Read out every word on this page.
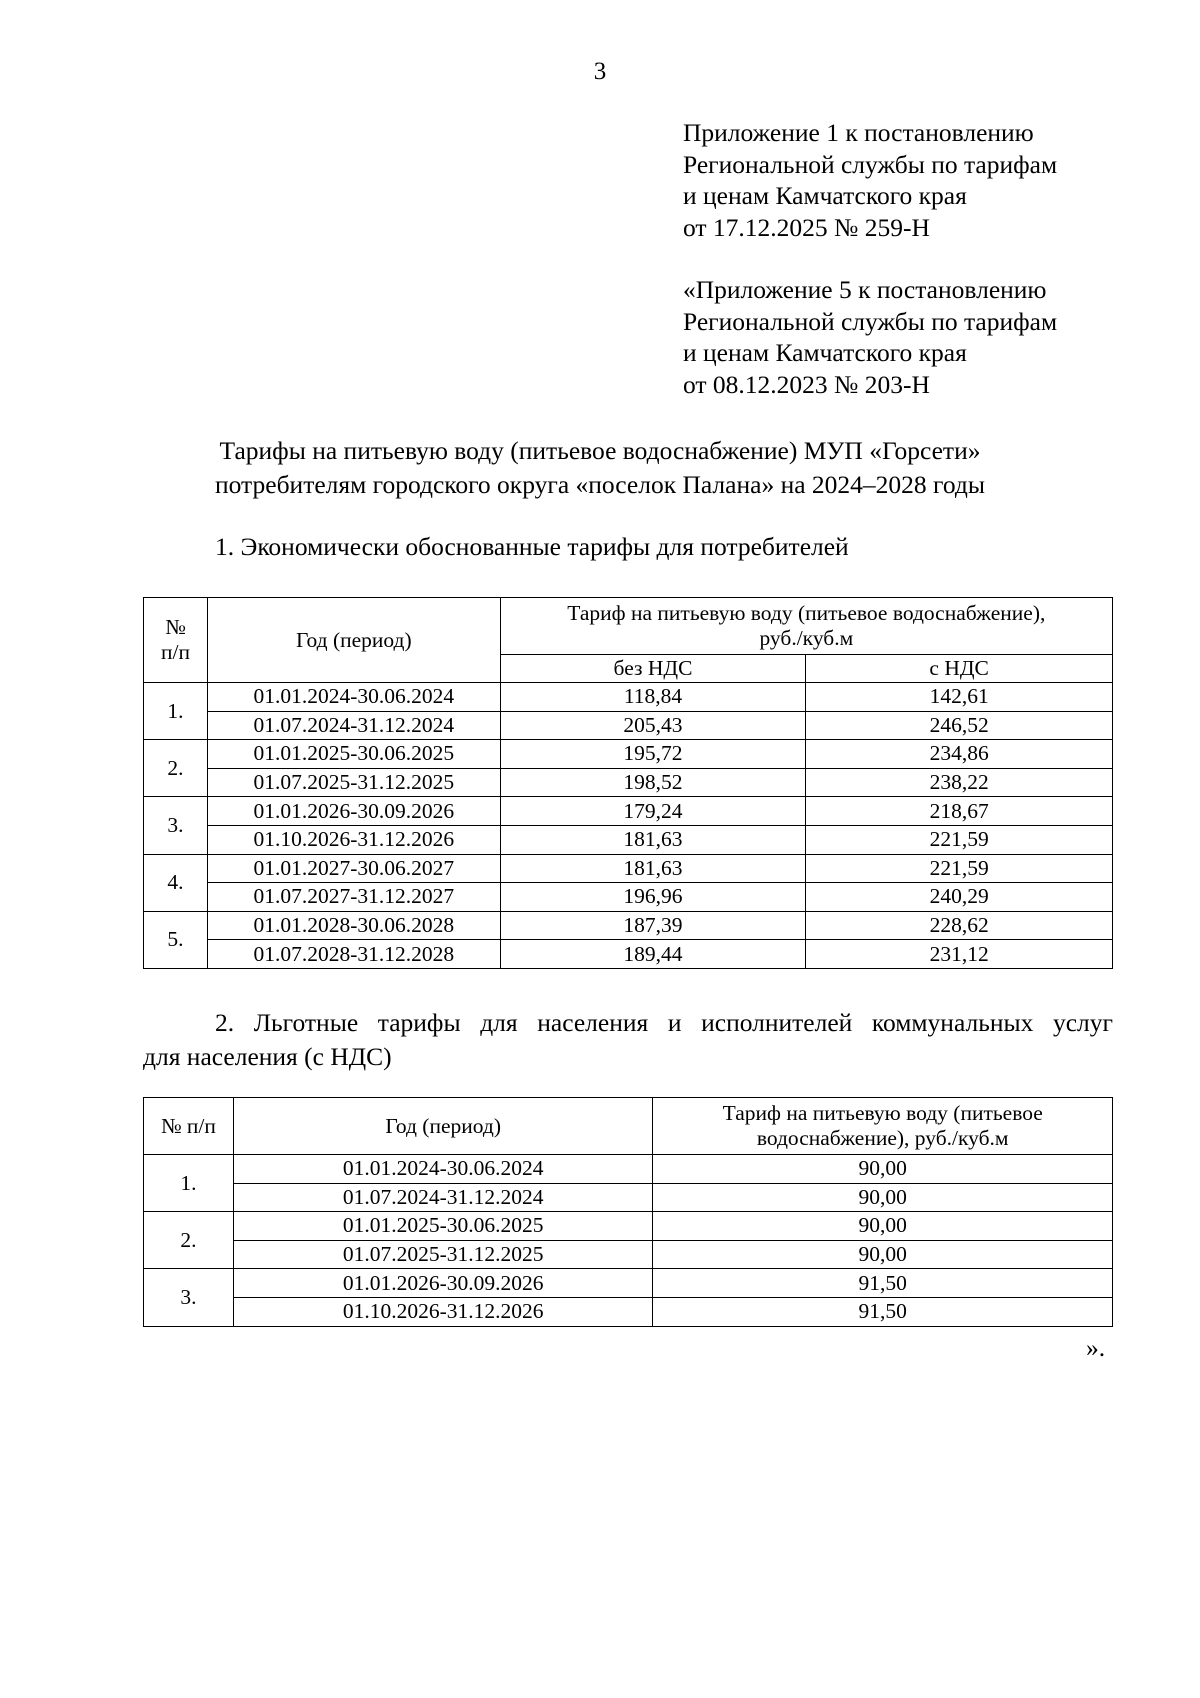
3
Приложение 1 к постановлению
Региональной службы по тарифам
и ценам Камчатского края
от 17.12.2025 № 259-Н
«Приложение 5 к постановлению
Региональной службы по тарифам
и ценам Камчатского края
от 08.12.2023 № 203-Н
Тарифы на питьевую воду (питьевое водоснабжение) МУП «Горсети»
потребителям городского округа «поселок Палана» на 2024–2028 годы
1. Экономически обоснованные тарифы для потребителей
№
п/п	Год (период)	Тариф на питьевую воду (питьевое водоснабжение),
руб./куб.м	
		без НДС	с НДС
1.	01.01.2024-30.06.2024	118,84	142,61
	01.07.2024-31.12.2024	205,43	246,52
2.	01.01.2025-30.06.2025	195,72	234,86
	01.07.2025-31.12.2025	198,52	238,22
3.	01.01.2026-30.09.2026	179,24	218,67
	01.10.2026-31.12.2026	181,63	221,59
4.	01.01.2027-30.06.2027	181,63	221,59
	01.07.2027-31.12.2027	196,96	240,29
5.	01.01.2028-30.06.2028	187,39	228,62
	01.07.2028-31.12.2028	189,44	231,12
2. Льготные тарифы для населения и исполнителей коммунальных услуг
для населения (с НДС)
№ п/п	Год (период)	Тариф на питьевую воду (питьевое
водоснабжение), руб./куб.м
1.	01.01.2024-30.06.2024	90,00
	01.07.2024-31.12.2024	90,00
2.	01.01.2025-30.06.2025	90,00
	01.07.2025-31.12.2025	90,00
3.	01.01.2026-30.09.2026	91,50
	01.10.2026-31.12.2026	91,50
».
